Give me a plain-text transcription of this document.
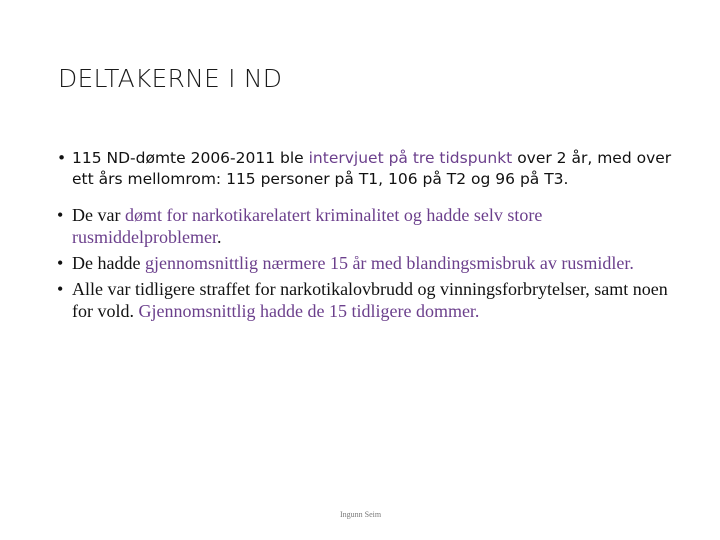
DELTAKERNE I ND
• 115 ND-dømte 2006-2011 ble intervjuet på tre tidspunkt over 2 år, med over ett års mellomrom: 115 personer på T1, 106 på T2 og 96 på T3.
• De var dømt for narkotikarelatert kriminalitet og hadde selv store rusmiddelproblemer.
• De hadde gjennomsnittlig nærmere 15 år med blandingsmisbruk av rusmidler.
• Alle var tidligere straffet for narkotikalovbrudd og vinningsforbrytelser, samt noen for vold. Gjennomsnittlig hadde de 15 tidligere dommer.
Ingunn Seim
